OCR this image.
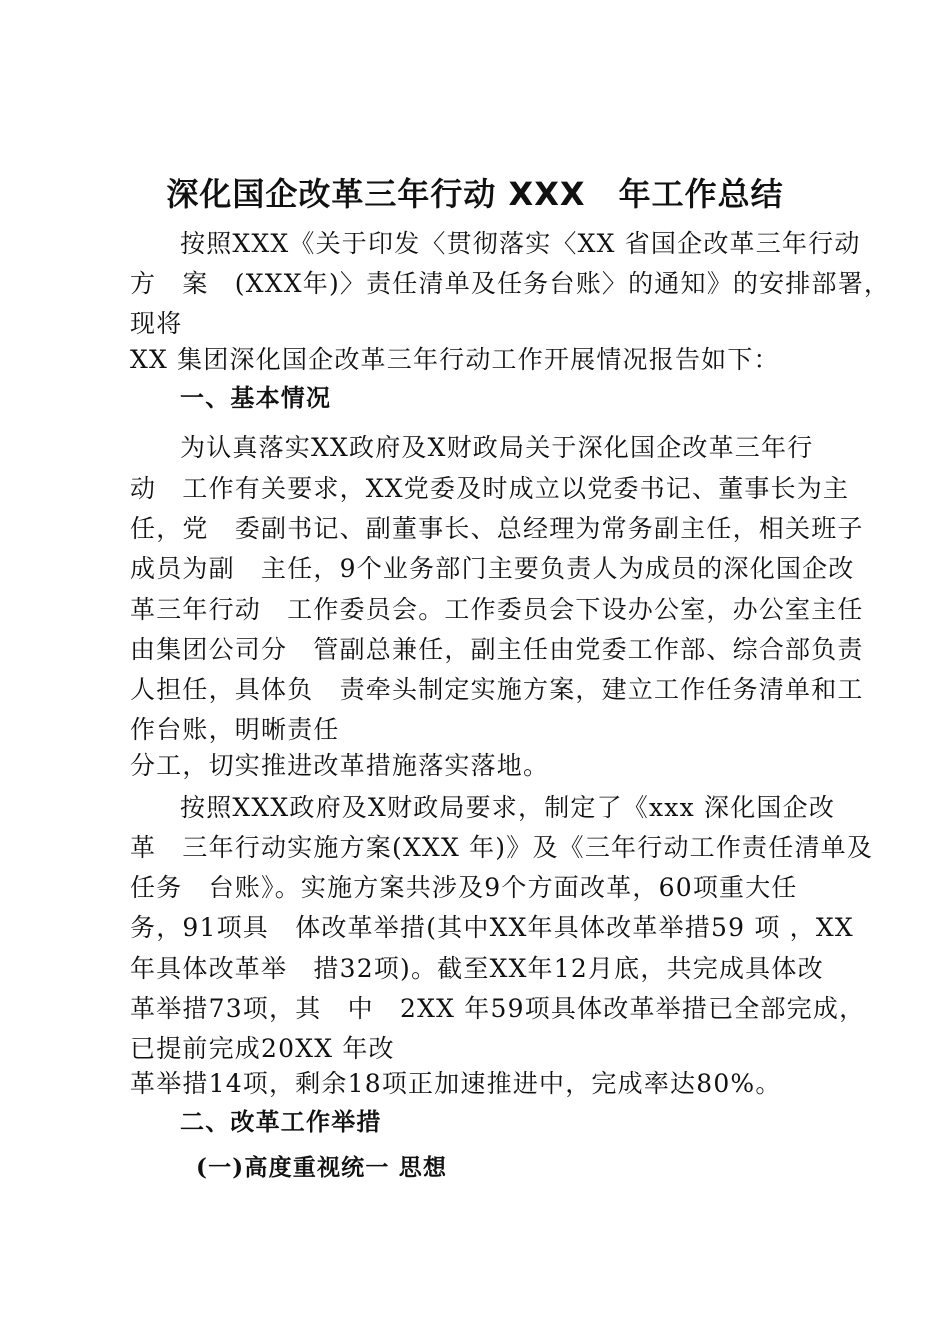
深化国企改革三年行动 XXX　年工作总结
按照XXX《关于印发〈贯彻落实〈XX 省国企改革三年行动
方　案　(XXX年)〉责任清单及任务台账〉的通知》的安排部署，
现将
XX 集团深化国企改革三年行动工作开展情况报告如下：
一、基本情况
为认真落实XX政府及X财政局关于深化国企改革三年行
动　工作有关要求，XX党委及时成立以党委书记、董事长为主
任，党　委副书记、副董事长、总经理为常务副主任，相关班子
成员为副　主任，9个业务部门主要负责人为成员的深化国企改
革三年行动　工作委员会。工作委员会下设办公室，办公室主任
由集团公司分　管副总兼任，副主任由党委工作部、综合部负责
人担任，具体负　责牵头制定实施方案，建立工作任务清单和工
作台账，明晰责任
分工，切实推进改革措施落实落地。
按照XXX政府及X财政局要求，制定了《xxx 深化国企改
革　三年行动实施方案(XXX 年)》及《三年行动工作责任清单及
任务　台账》。实施方案共涉及9个方面改革，60项重大任
务，91项具　体改革举措(其中XX年具体改革举措59 项 ，XX
年具体改革举　措32项)。截至XX年12月底，共完成具体改
革举措73项，其　中　2XX 年59项具体改革举措已全部完成，
已提前完成20XX 年改
革举措14项，剩余18项正加速推进中，完成率达80%。
二、改革工作举措
(一)高度重视统一 思想
